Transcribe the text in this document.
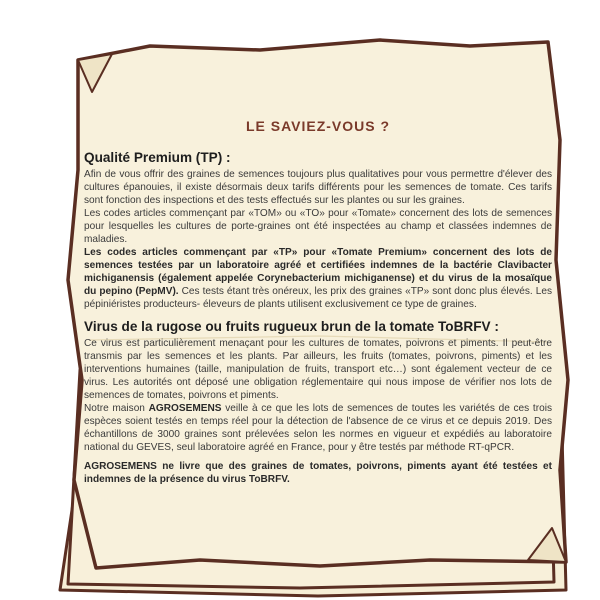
LE SAVIEZ-VOUS ?
Qualité Premium (TP) :

Afin de vous offrir des graines de semences toujours plus qualitatives pour vous permettre d'élever des cultures épanouies, il existe désormais deux tarifs différents pour les semences de tomate. Ces tarifs sont fonction des inspections et des tests effectués sur les plantes ou sur les graines.

Les codes articles commençant par «TOM» ou «TO» pour «Tomate» concernent des lots de semences pour lesquelles les cultures de porte-graines ont été inspectées au champ et classées indemnes de maladies.

Les codes articles commençant par «TP» pour «Tomate Premium» concernent des lots de semences testées par un laboratoire agréé et certifiées indemnes de la bactérie Clavibacter michiganensis (également appelée Corynebacterium michiganense) et du virus de la mosaïque du pepino (PepMV). Ces tests étant très onéreux, les prix des graines «TP» sont donc plus élevés. Les pépiniéristes producteurs- éleveurs de plants utilisent exclusivement ce type de graines.

Virus de la rugose ou fruits rugueux brun de la tomate ToBRFV :

Ce virus est particulièrement menaçant pour les cultures de tomates, poivrons et piments. Il peut-être transmis par les semences et les plants. Par ailleurs, les fruits (tomates, poivrons, piments) et les interventions humaines (taille, manipulation de fruits, transport etc…) sont également vecteur de ce virus. Les autorités ont déposé une obligation réglementaire qui nous impose de vérifier nos lots de semences de tomates, poivrons et piments.

Notre maison AGROSEMENS veille à ce que les lots de semences de toutes les variétés de ces trois espèces soient testés en temps réel pour la détection de l'absence de ce virus et ce depuis 2019. Des échantillons de 3000 graines sont prélevées selon les normes en vigueur et expédiés au laboratoire national du GEVES, seul laboratoire agréé en France, pour y être testés par méthode RT-qPCR.

AGROSEMENS ne livre que des graines de tomates, poivrons, piments ayant été testées et indemnes de la présence du virus ToBRFV.
